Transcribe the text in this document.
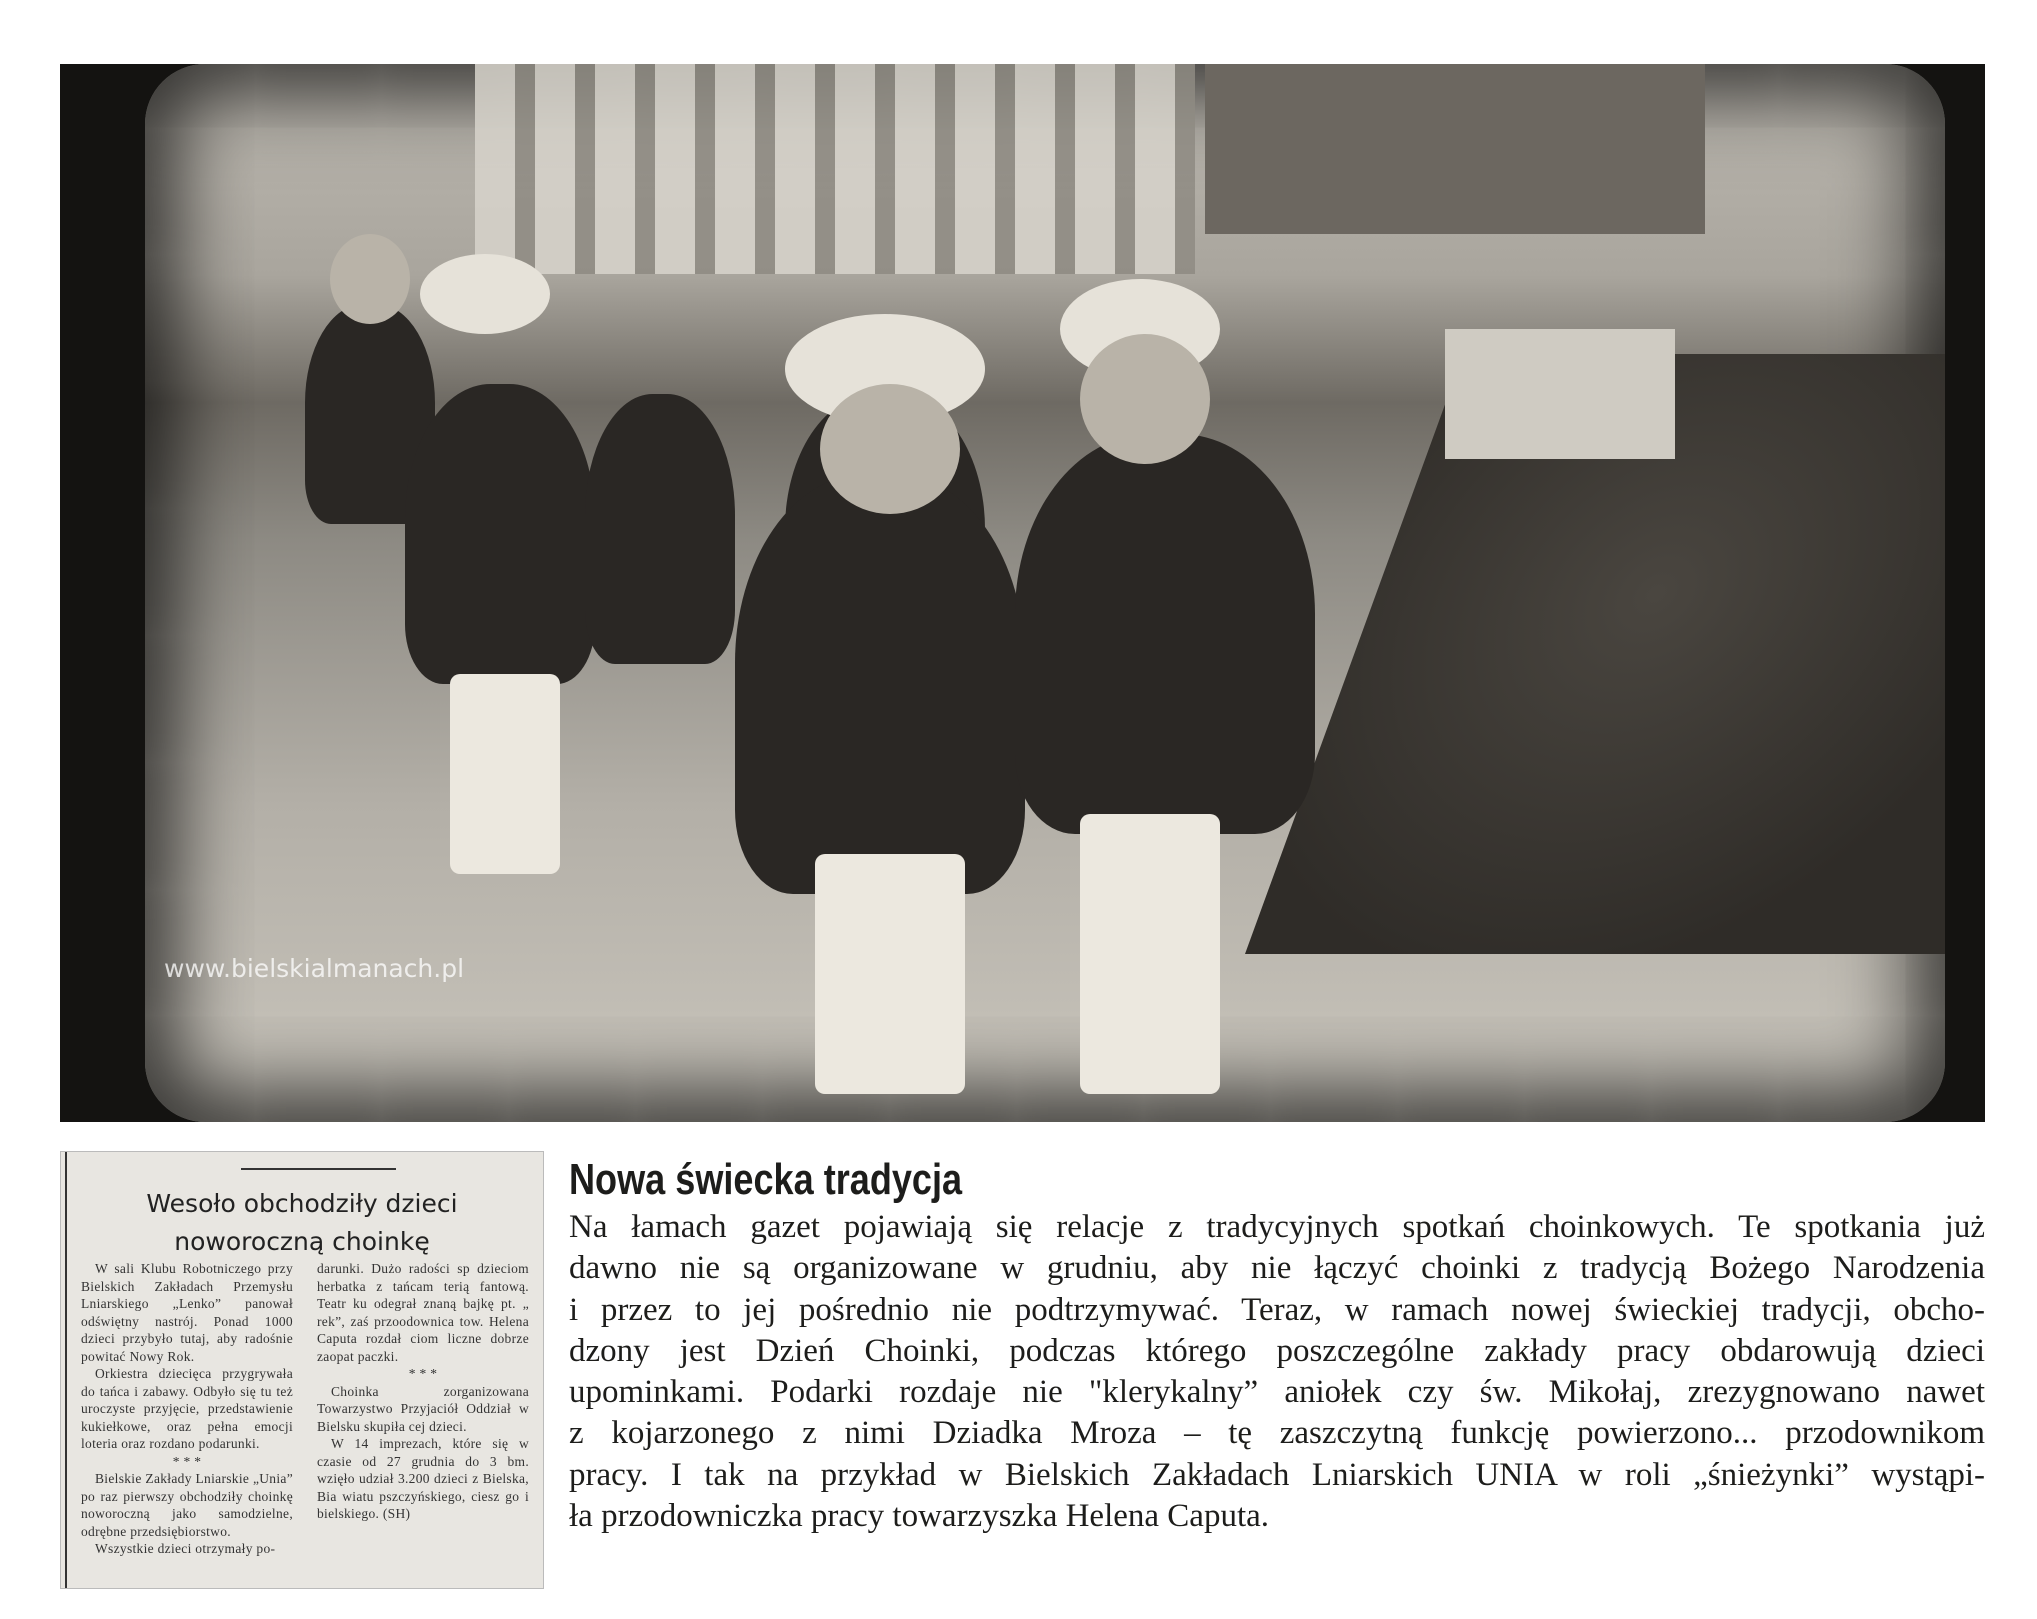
www.bielskialmanach.pl
Wesoło obchodziły dzieci noworoczną choinkę

W sali Klubu Robotniczego przy Bielskich Zakładach Przemysłu Lniarskiego „Lenko” panował odświętny nastrój. Ponad 1000 dzieci przybyło tutaj, aby radośnie powitać Nowy Rok.

Orkiestra dziecięca przygrywała do tańca i zabawy. Odbyło się tu też uroczyste przyjęcie, przedstawienie kukiełkowe, oraz pełna emocji loteria oraz rozdano podarunki.

* * *

Bielskie Zakłady Lniarskie „Unia” po raz pierwszy obchodziły choinkę noworoczną jako samodzielne, odrębne przedsiębiorstwo.

Wszystkie dzieci otrzymały po-

darunki. Dużo radości sp dzieciom herbatka z tańcam terią fantową. Teatr ku odegrał znaną bajkę pt. „ rek”, zaś przoodownica tow. Helena Caputa rozdał ciom liczne dobrze zaopat paczki.

* * *

Choinka zorganizowana Towarzystwo Przyjaciół Oddział w Bielsku skupiła cej dzieci.

W 14 imprezach, które się w czasie od 27 grudnia do 3 bm. wzięło udział 3.200 dzieci z Bielska, Bia wiatu pszczyńskiego, ciesz go i bielskiego. (SH)

Nowa świecka tradycja
Na łamach gazet pojawiają się relacje z tradycyjnych spotkań choinkowych. Te spotkania już
dawno nie są organizowane w grudniu, aby nie łączyć choinki z tradycją Bożego Narodzenia
i przez to jej pośrednio nie podtrzymywać. Teraz, w ramach nowej świeckiej tradycji, obcho-
dzony jest Dzień Choinki, podczas którego poszczególne zakłady pracy obdarowują dzieci
upominkami. Podarki rozdaje nie "klerykalny” aniołek czy św. Mikołaj, zrezygnowano nawet
z kojarzonego z nimi Dziadka Mroza – tę zaszczytną funkcję powierzono... przodownikom
pracy. I tak na przykład w Bielskich Zakładach Lniarskich UNIA w roli „śnieżynki” wystąpi-
ła przodowniczka pracy towarzyszka Helena Caputa.
